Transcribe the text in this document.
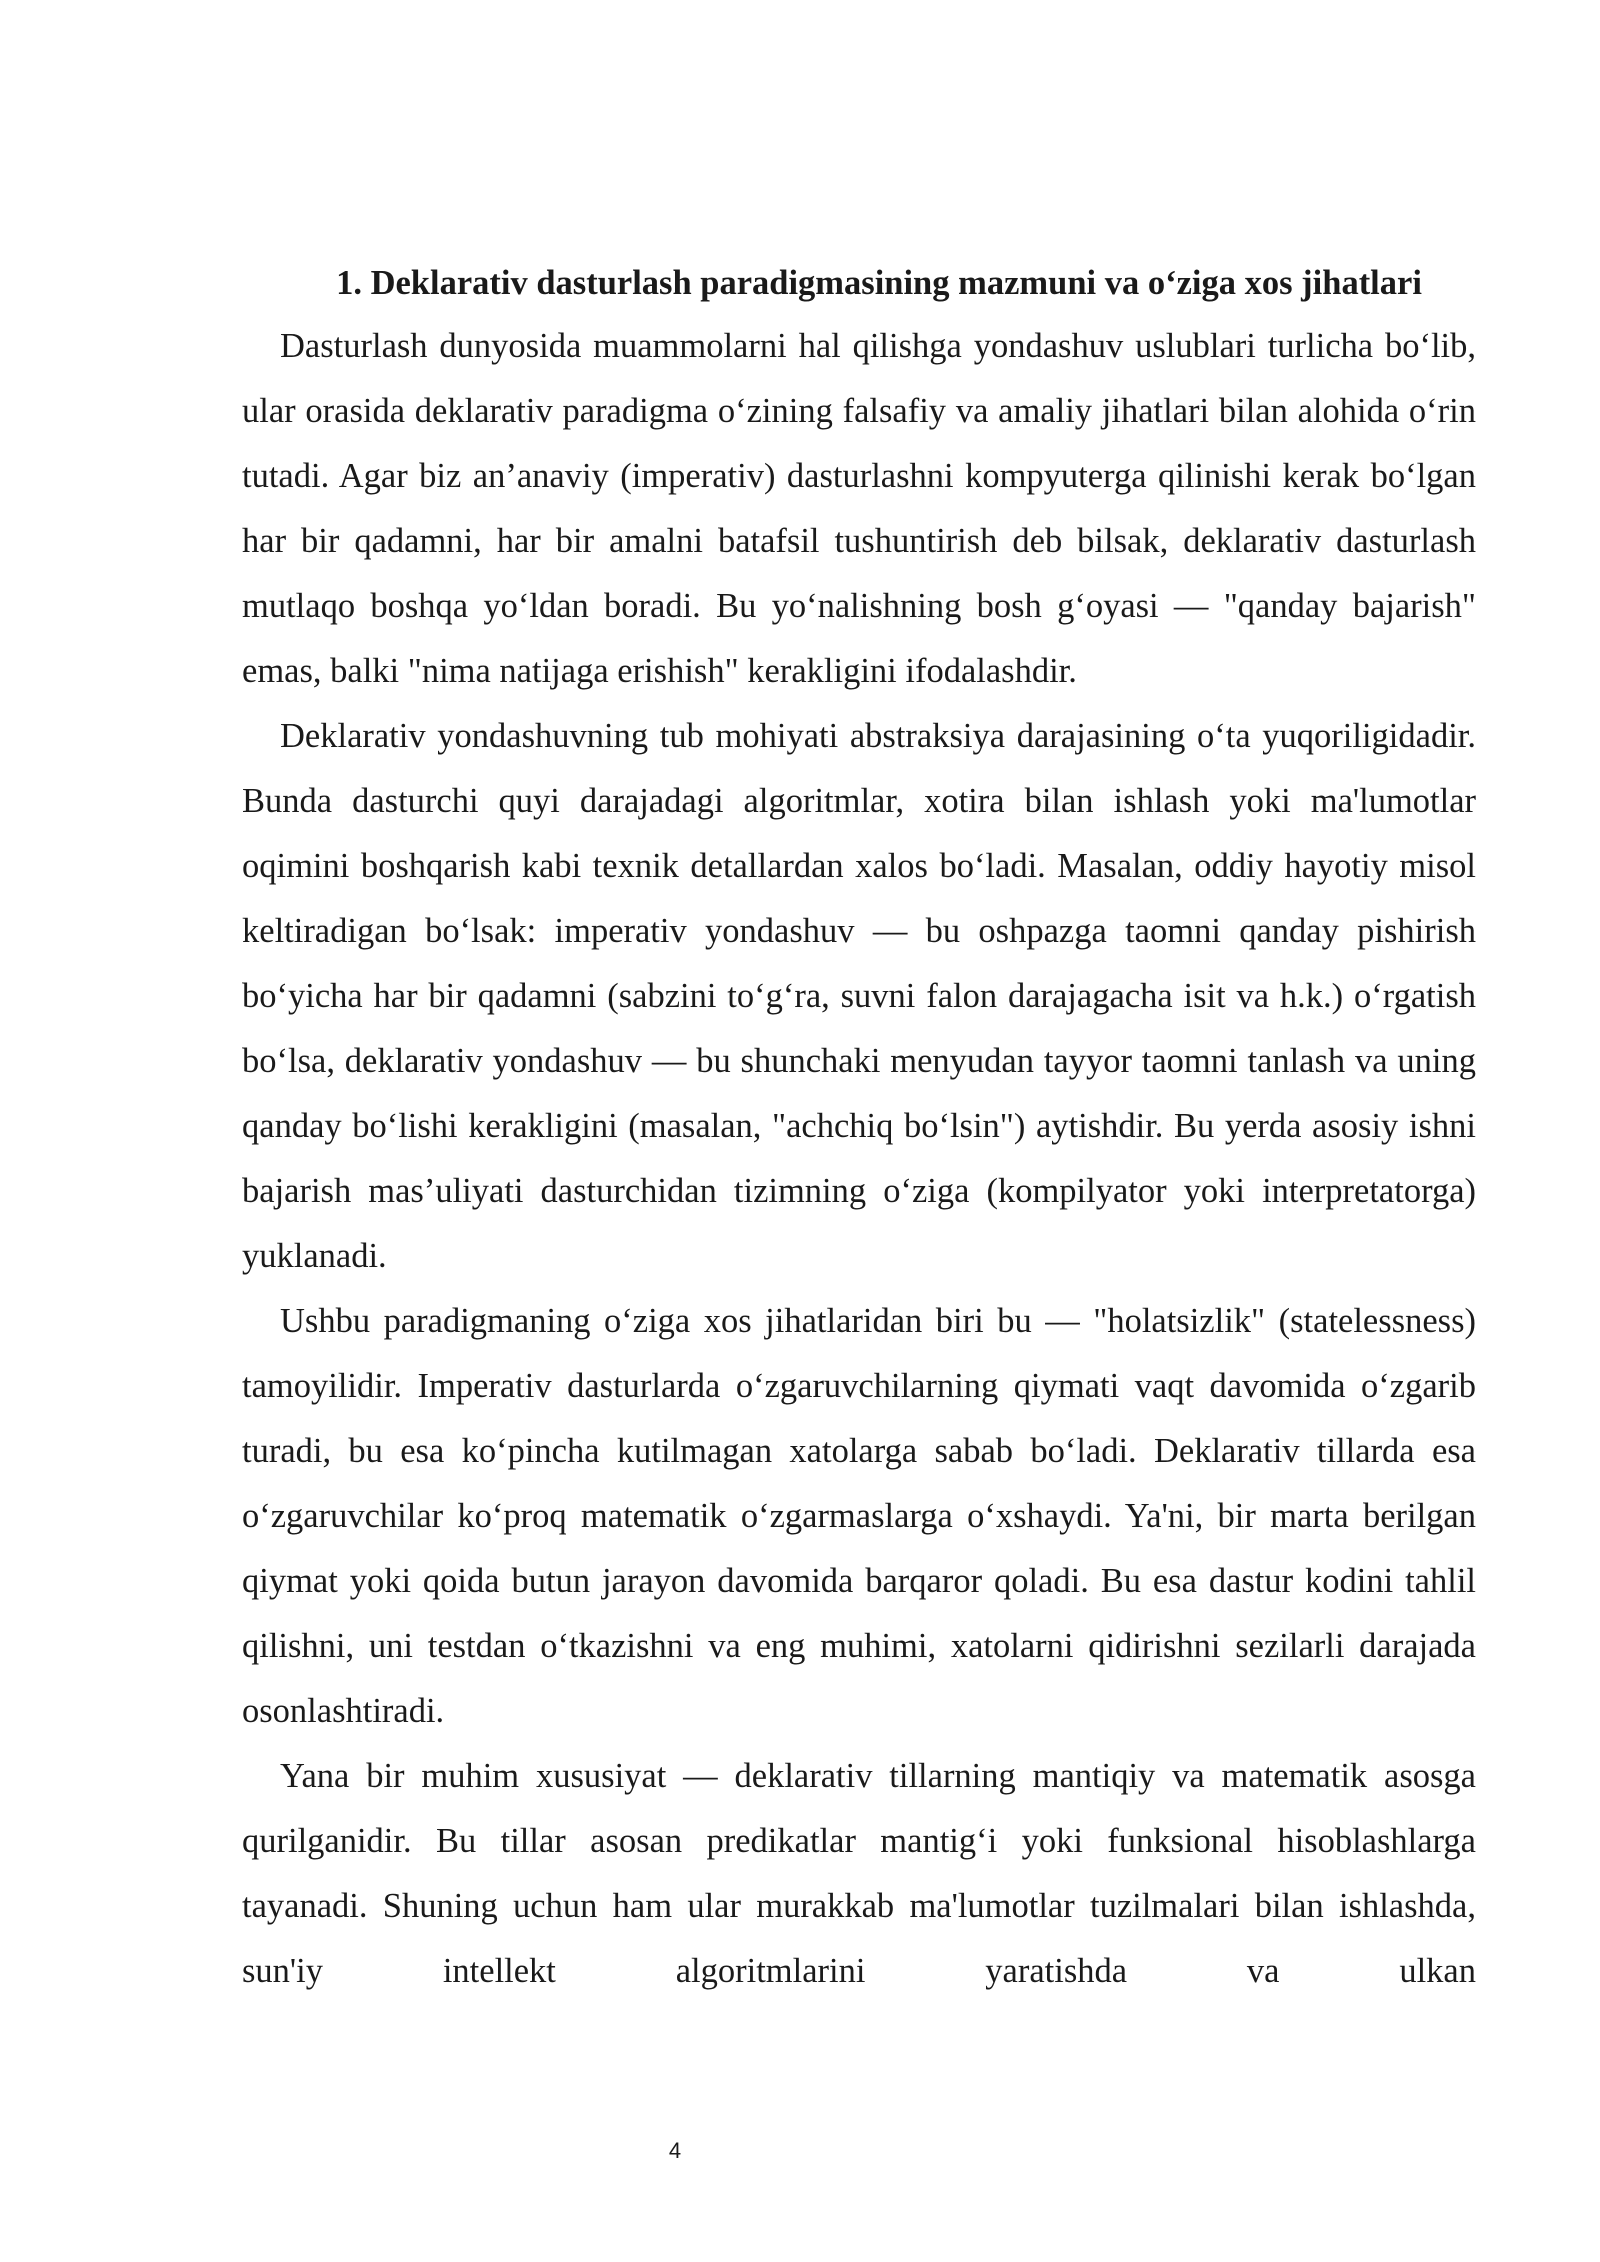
1. Deklarativ dasturlash paradigmasining mazmuni va o‘ziga xos jihatlari

Dasturlash dunyosida muammolarni hal qilishga yondashuv uslublari turlicha bo‘lib, ular orasida deklarativ paradigma o‘zining falsafiy va amaliy jihatlari bilan alohida o‘rin tutadi. Agar biz an’anaviy (imperativ) dasturlashni kompyuterga qilinishi kerak bo‘lgan har bir qadamni, har bir amalni batafsil tushuntirish deb bilsak, deklarativ dasturlash mutlaqo boshqa yo‘ldan boradi. Bu yo‘nalishning bosh g‘oyasi — "qanday bajarish" emas, balki "nima natijaga erishish" kerakligini ifodalashdir.

Deklarativ yondashuvning tub mohiyati abstraksiya darajasining o‘ta yuqoriligidadir. Bunda dasturchi quyi darajadagi algoritmlar, xotira bilan ishlash yoki ma'lumotlar oqimini boshqarish kabi texnik detallardan xalos bo‘ladi. Masalan, oddiy hayotiy misol keltiradigan bo‘lsak: imperativ yondashuv — bu oshpazga taomni qanday pishirish bo‘yicha har bir qadamni (sabzini to‘g‘ra, suvni falon darajagacha isit va h.k.) o‘rgatish bo‘lsa, deklarativ yondashuv — bu shunchaki menyudan tayyor taomni tanlash va uning qanday bo‘lishi kerakligini (masalan, "achchiq bo‘lsin") aytishdir. Bu yerda asosiy ishni bajarish mas’uliyati dasturchidan tizimning o‘ziga (kompilyator yoki interpretatorga) yuklanadi.

Ushbu paradigmaning o‘ziga xos jihatlaridan biri bu — "holatsizlik" (statelessness) tamoyilidir. Imperativ dasturlarda o‘zgaruvchilarning qiymati vaqt davomida o‘zgarib turadi, bu esa ko‘pincha kutilmagan xatolarga sabab bo‘ladi. Deklarativ tillarda esa o‘zgaruvchilar ko‘proq matematik o‘zgarmaslarga o‘xshaydi. Ya'ni, bir marta berilgan qiymat yoki qoida butun jarayon davomida barqaror qoladi. Bu esa dastur kodini tahlil qilishni, uni testdan o‘tkazishni va eng muhimi, xatolarni qidirishni sezilarli darajada osonlashtiradi.

Yana bir muhim xususiyat — deklarativ tillarning mantiqiy va matematik asosga qurilganidir. Bu tillar asosan predikatlar mantig‘i yoki funksional hisoblashlarga tayanadi. Shuning uchun ham ular murakkab ma'lumotlar tuzilmalari bilan ishlashda, sun'iy intellekt algoritmlarini yaratishda va ulkan

4
